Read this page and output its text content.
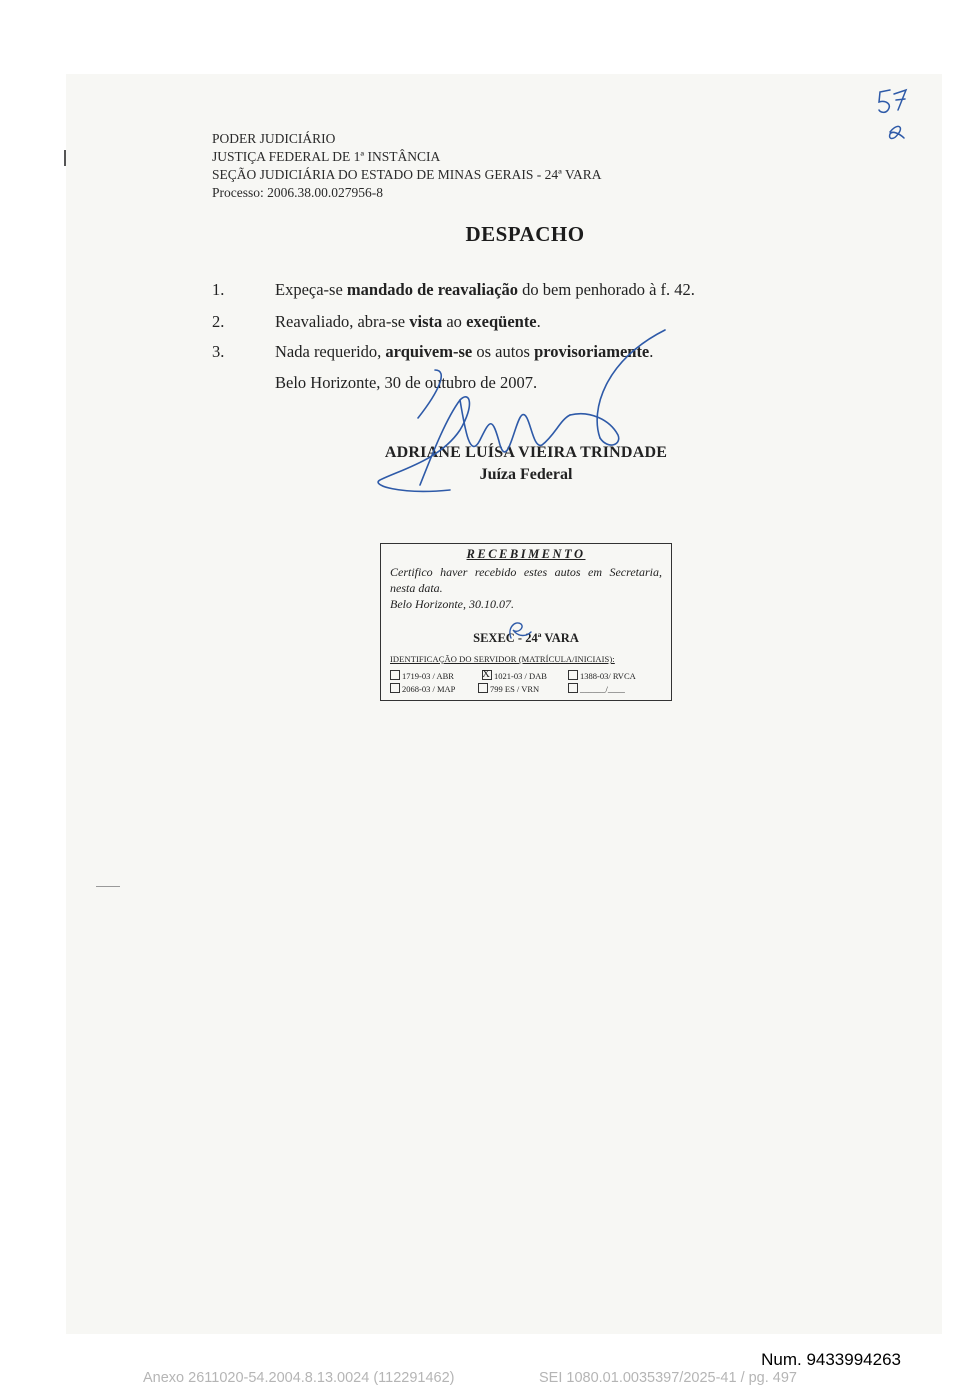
PODER JUDICIÁRIO
JUSTIÇA FEDERAL DE 1ª INSTÂNCIA
SEÇÃO JUDICIÁRIA DO ESTADO DE MINAS GERAIS - 24ª VARA
Processo: 2006.38.00.027956-8
DESPACHO
1.	Expeça-se mandado de reavaliação do bem penhorado à f. 42.
2.	Reavaliado, abra-se vista ao exeqüente.
3.	Nada requerido, arquivem-se os autos provisoriamente.
Belo Horizonte, 30 de outubro de 2007.
ADRIANE LUÍSA VIEIRA TRINDADE
Juíza Federal
RECEBIMENTO
Certifico haver recebido estes autos em Secretaria, nesta data.
Belo Horizonte, 30.10.07.
SEXEC - 24ª VARA
IDENTIFICAÇÃO DO SERVIDOR (MATRÍCULA/INICIAIS):
1719-03 / ABR
X	1021-03 / DAB	1388-03/ RVCA
2068-03 / MAP	799 ES / VRN	______/____
Num. 9433994263
Anexo 2611020-54.2004.8.13.0024 (112291462)	SEI 1080.01.0035397/2025-41 / pg. 497
